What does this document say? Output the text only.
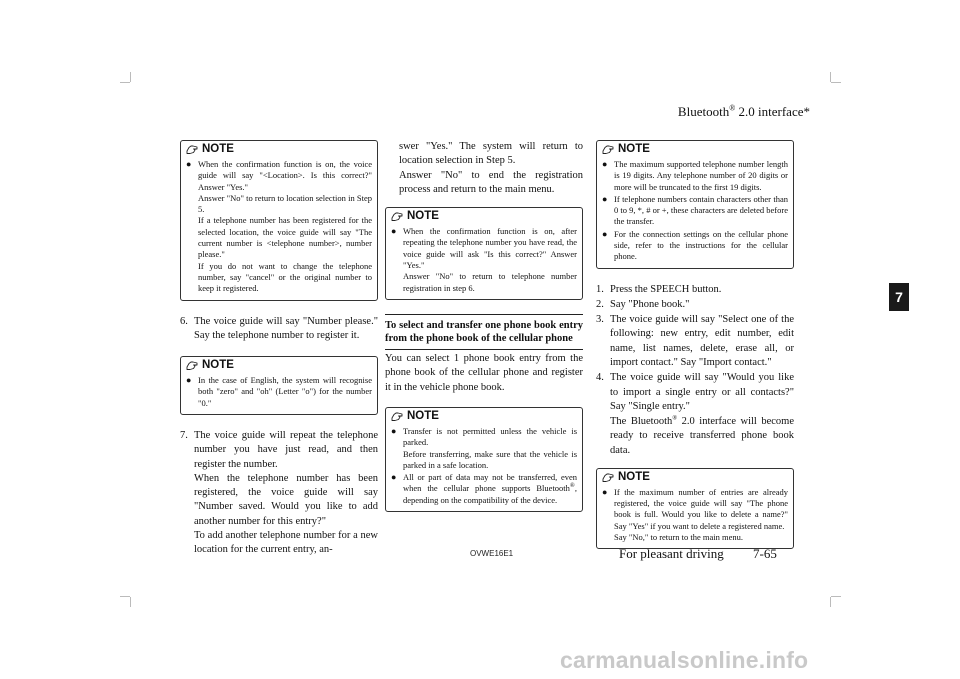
Bluetooth® 2.0 interface*
7
NOTE
● When the confirmation function is on, the voice guide will say "<Location>. Is this correct?" Answer "Yes."

Answer "No" to return to location selection in Step 5.

If a telephone number has been registered for the selected location, the voice guide will say "The current number is <telephone number>, number please."

If you do not want to change the telephone number, say "cancel" or the original number to keep it registered.

6. The voice guide will say "Number please." Say the telephone number to register it.

NOTE
● In the case of English, the system will recognise both "zero" and "oh" (Letter "o") for the number "0."

7. The voice guide will repeat the telephone number you have just read, and then register the number.

When the telephone number has been registered, the voice guide will say "Number saved. Would you like to add another number for this entry?"

To add another telephone number for a new location for the current entry, an-

swer "Yes." The system will return to location selection in Step 5.

Answer "No" to end the registration process and return to the main menu.

NOTE
● When the confirmation function is on, after repeating the telephone number you have read, the voice guide will ask "Is this correct?" Answer "Yes."

Answer "No" to return to telephone number registration in step 6.

To select and transfer one phone book entry from the phone book of the cellular phone

You can select 1 phone book entry from the phone book of the cellular phone and register it in the vehicle phone book.

NOTE
● Transfer is not permitted unless the vehicle is parked.

Before transferring, make sure that the vehicle is parked in a safe location.

● All or part of data may not be transferred, even when the cellular phone supports Bluetooth®, depending on the compatibility of the device.

NOTE
● The maximum supported telephone number length is 19 digits. Any telephone number of 20 digits or more will be truncated to the first 19 digits.

● If telephone numbers contain characters other than 0 to 9, *, # or +, these characters are deleted before the transfer.

● For the connection settings on the cellular phone side, refer to the instructions for the cellular phone.

1. Press the SPEECH button.

2. Say "Phone book."

3. The voice guide will say "Select one of the following: new entry, edit number, edit name, list names, delete, erase all, or import contact." Say "Import contact."

4. The voice guide will say "Would you like to import a single entry or all contacts?" Say "Single entry."

The Bluetooth® 2.0 interface will become ready to receive transferred phone book data.

NOTE
● If the maximum number of entries are already registered, the voice guide will say "The phone book is full. Would you like to delete a name?" Say "Yes" if you want to delete a registered name.

Say "No," to return to the main menu.

OVWE16E1	For pleasant driving 7-65
carmanualsonline.info
